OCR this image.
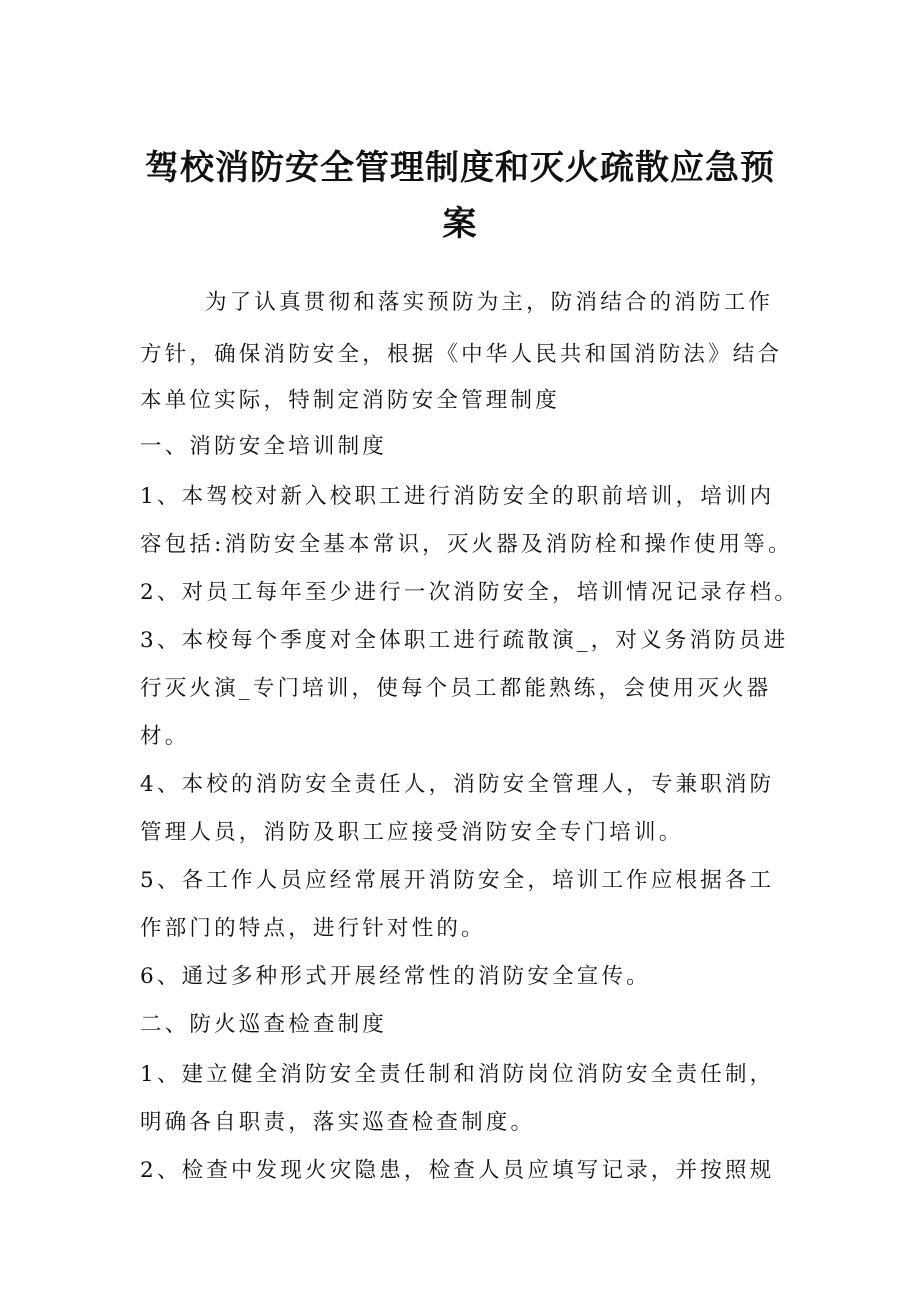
驾校消防安全管理制度和灭火疏散应急预
案

为了认真贯彻和落实预防为主，防消结合的消防工作

方针，确保消防安全，根据《中华人民共和国消防法》结合

本单位实际，特制定消防安全管理制度

一、消防安全培训制度

1、本驾校对新入校职工进行消防安全的职前培训，培训内

容包括:消防安全基本常识，灭火器及消防栓和操作使用等。

2、对员工每年至少进行一次消防安全，培训情况记录存档。

3、本校每个季度对全体职工进行疏散演_，对义务消防员进

行灭火演_专门培训，使每个员工都能熟练，会使用灭火器

材。

4、本校的消防安全责任人，消防安全管理人，专兼职消防

管理人员，消防及职工应接受消防安全专门培训。

5、各工作人员应经常展开消防安全，培训工作应根据各工

作部门的特点，进行针对性的。

6、通过多种形式开展经常性的消防安全宣传。

二、防火巡查检查制度

1、建立健全消防安全责任制和消防岗位消防安全责任制，

明确各自职责，落实巡查检查制度。

2、检查中发现火灾隐患，检查人员应填写记录，并按照规
